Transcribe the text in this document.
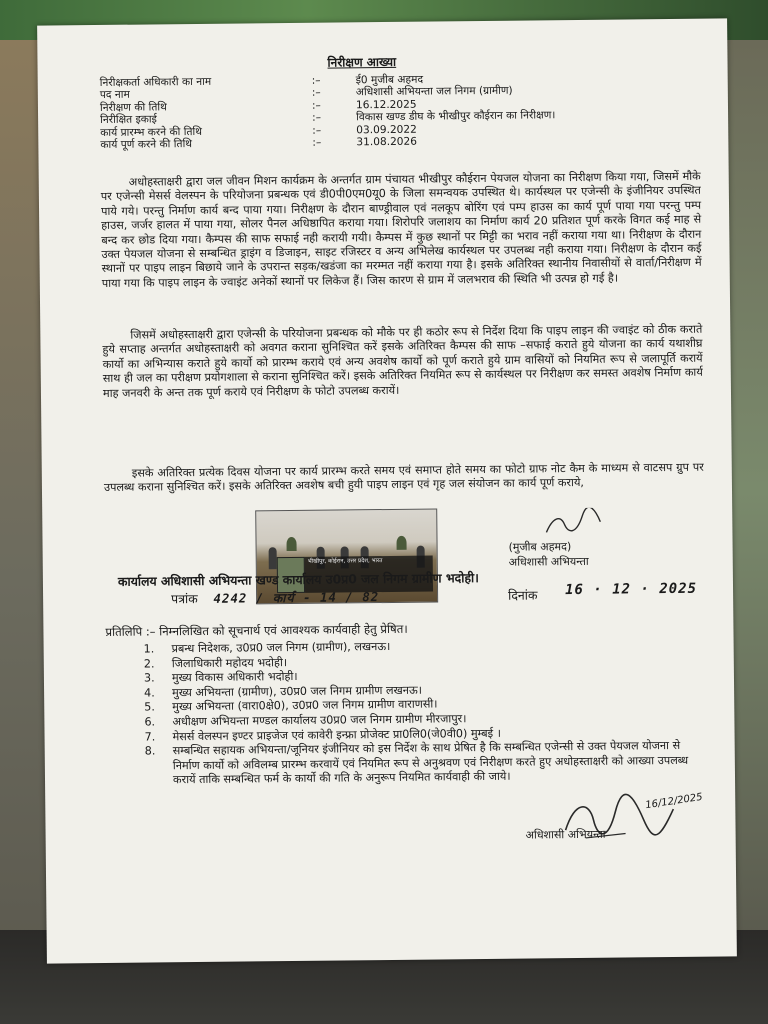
निरीक्षण आख्या
निरीक्षकर्ता अधिकारी का नाम	:–	ई0 मुजीब अहमद
पद नाम	:–	अधिशासी अभियन्ता जल निगम (ग्रामीण)
निरीक्षण की तिथि	:–	16.12.2025
निरीक्षित इकाई	:–	विकास खण्ड डीघ के भीखीपुर कौईरान का निरीक्षण।
कार्य प्रारम्भ करने की तिथि	:–	03.09.2022
कार्य पूर्ण करने की तिथि	:–	31.08.2026
अधोहस्ताक्षरी द्वारा जल जीवन मिशन कार्यक्रम के अन्तर्गत ग्राम पंचायत भीखीपुर कौईरान पेयजल योजना का निरीक्षण किया गया, जिसमें मौके पर एजेन्सी मेसर्स वेलस्पन के परियोजना प्रबन्धक एवं डी0पी0एम0यू0 के जिला समन्वयक उपस्थित थे। कार्यस्थल पर एजेन्सी के इंजीनियर उपस्थित पाये गये। परन्तु निर्माण कार्य बन्द पाया गया। निरीक्षण के दौरान बाण्ड्रीवाल एवं नलकूप बोरिंग एवं पम्प हाउस का कार्य पूर्ण पाया गया परन्तु पम्प हाउस, जर्जर हालत में पाया गया, सोलर पैनल अधिष्ठापित कराया गया। शिरोपरि जलाशय का निर्माण कार्य 20 प्रतिशत पूर्ण करके विगत कई माह से बन्द कर छोड दिया गया। कैम्पस की साफ सफाई नही करायी गयी। कैम्पस में कुछ स्थानों पर मिट्टी का भराव नहीं कराया गया था। निरीक्षण के दौरान उक्त पेयजल योजना से सम्बन्धित ड्राइंग व डिजाइन, साइट रजिस्टर व अन्य अभिलेख कार्यस्थल पर उपलब्ध नही कराया गया। निरीक्षण के दौरान कई स्थानों पर पाइप लाइन बिछाये जाने के उपरान्त सड़क/खडंजा का मरम्मत नहीं कराया गया है। इसके अतिरिक्त स्थानीय निवासीयों से वार्ता/निरीक्षण में पाया गया कि पाइप लाइन के ज्वाइंट अनेकों स्थानों पर लिकेज हैं। जिस कारण से ग्राम में जलभराव की स्थिति भी उत्पन्न हो गई है।
जिसमें अधोहस्ताक्षरी द्वारा एजेन्सी के परियोजना प्रबन्धक को मौके पर ही कठोर रूप से निर्देश दिया कि पाइप लाइन की ज्वाइंट को ठीक कराते हुये सप्ताह अन्तर्गत अधोहस्ताक्षरी को अवगत कराना सुनिश्चित करें इसके अतिरिक्त कैम्पस की साफ –सफाई कराते हुये योजना का कार्य यथाशीघ्र कार्यो का अभिन्यास कराते हुये कार्यो को प्रारम्भ कराये एवं अन्य अवशेष कार्यो को पूर्ण कराते हुये ग्राम वासियों को नियमित रूप से जलापूर्ति करायें साथ ही जल का परीक्षण प्रयोगशाला से कराना सुनिश्चित करें। इसके अतिरिक्त नियमित रूप से कार्यस्थल पर निरीक्षण कर समस्त अवशेष निर्माण कार्य माह जनवरी के अन्त तक पूर्ण कराये एवं निरीक्षण के फोटो उपलब्ध करायें।
इसके अतिरिक्त प्रत्येक दिवस योजना पर कार्य प्रारम्भ करते समय एवं समाप्त होते समय का फोटो ग्राफ नोट कैम के माध्यम से वाटसप ग्रुप पर उपलब्ध कराना सुनिश्चित करें। इसके अतिरिक्त अवशेष बची हुयी पाइप लाइन एवं गृह जल संयोजन का कार्य पूर्ण कराये,
भीखीपुर, कोईरान, उत्तर प्रदेश, भारत
(मुजीब अहमद)
अधिशासी अभियन्ता
कार्यालय अधिशासी अभियन्ता खण्ड कार्यालय उ0प्र0 जल निगम ग्रामीण भदोही।
पत्रांक 4242 / कार्य - 14 / 82	दिनांक 16 · 12 · 2025
प्रतिलिपि :– निम्नलिखित को सूचनार्थ एवं आवश्यक कार्यवाही हेतु प्रेषित।
1.	प्रबन्ध निदेशक, उ0प्र0 जल निगम (ग्रामीण), लखनऊ।
2.	जिलाधिकारी महोदय भदोही।
3.	मुख्य विकास अधिकारी भदोही।
4.	मुख्य अभियन्ता (ग्रामीण), उ0प्र0 जल निगम ग्रामीण लखनऊ।
5.	मुख्य अभियन्ता (वारा0क्षे0), उ0प्र0 जल निगम ग्रामीण वाराणसी।
6.	अधीक्षण अभियन्ता मण्डल कार्यालय उ0प्र0 जल निगम ग्रामीण मीरजापुर।
7.	मेसर्स वेलस्पन इण्टर प्राइजेज एवं कावेरी इन्फ्रा प्रोजेक्ट प्रा0लि0(जे0वी0) मुम्बई ।
8.	सम्बन्धित सहायक अभियन्ता/जूनियर इंजीनियर को इस निर्देश के साथ प्रेषित है कि सम्बन्धित एजेन्सी से उक्त पेयजल योजना से निर्माण कार्यो को अविलम्ब प्रारम्भ करवायें एवं नियमित रूप से अनुश्रवण एवं निरीक्षण करते हुए अधोहस्ताक्षरी को आख्या उपलब्ध करायें ताकि सम्बन्धित फर्म के कार्यो की गति के अनुरूप नियमित कार्यवाही की जाये।
16/12/2025
अधिशासी अभियन्ता
